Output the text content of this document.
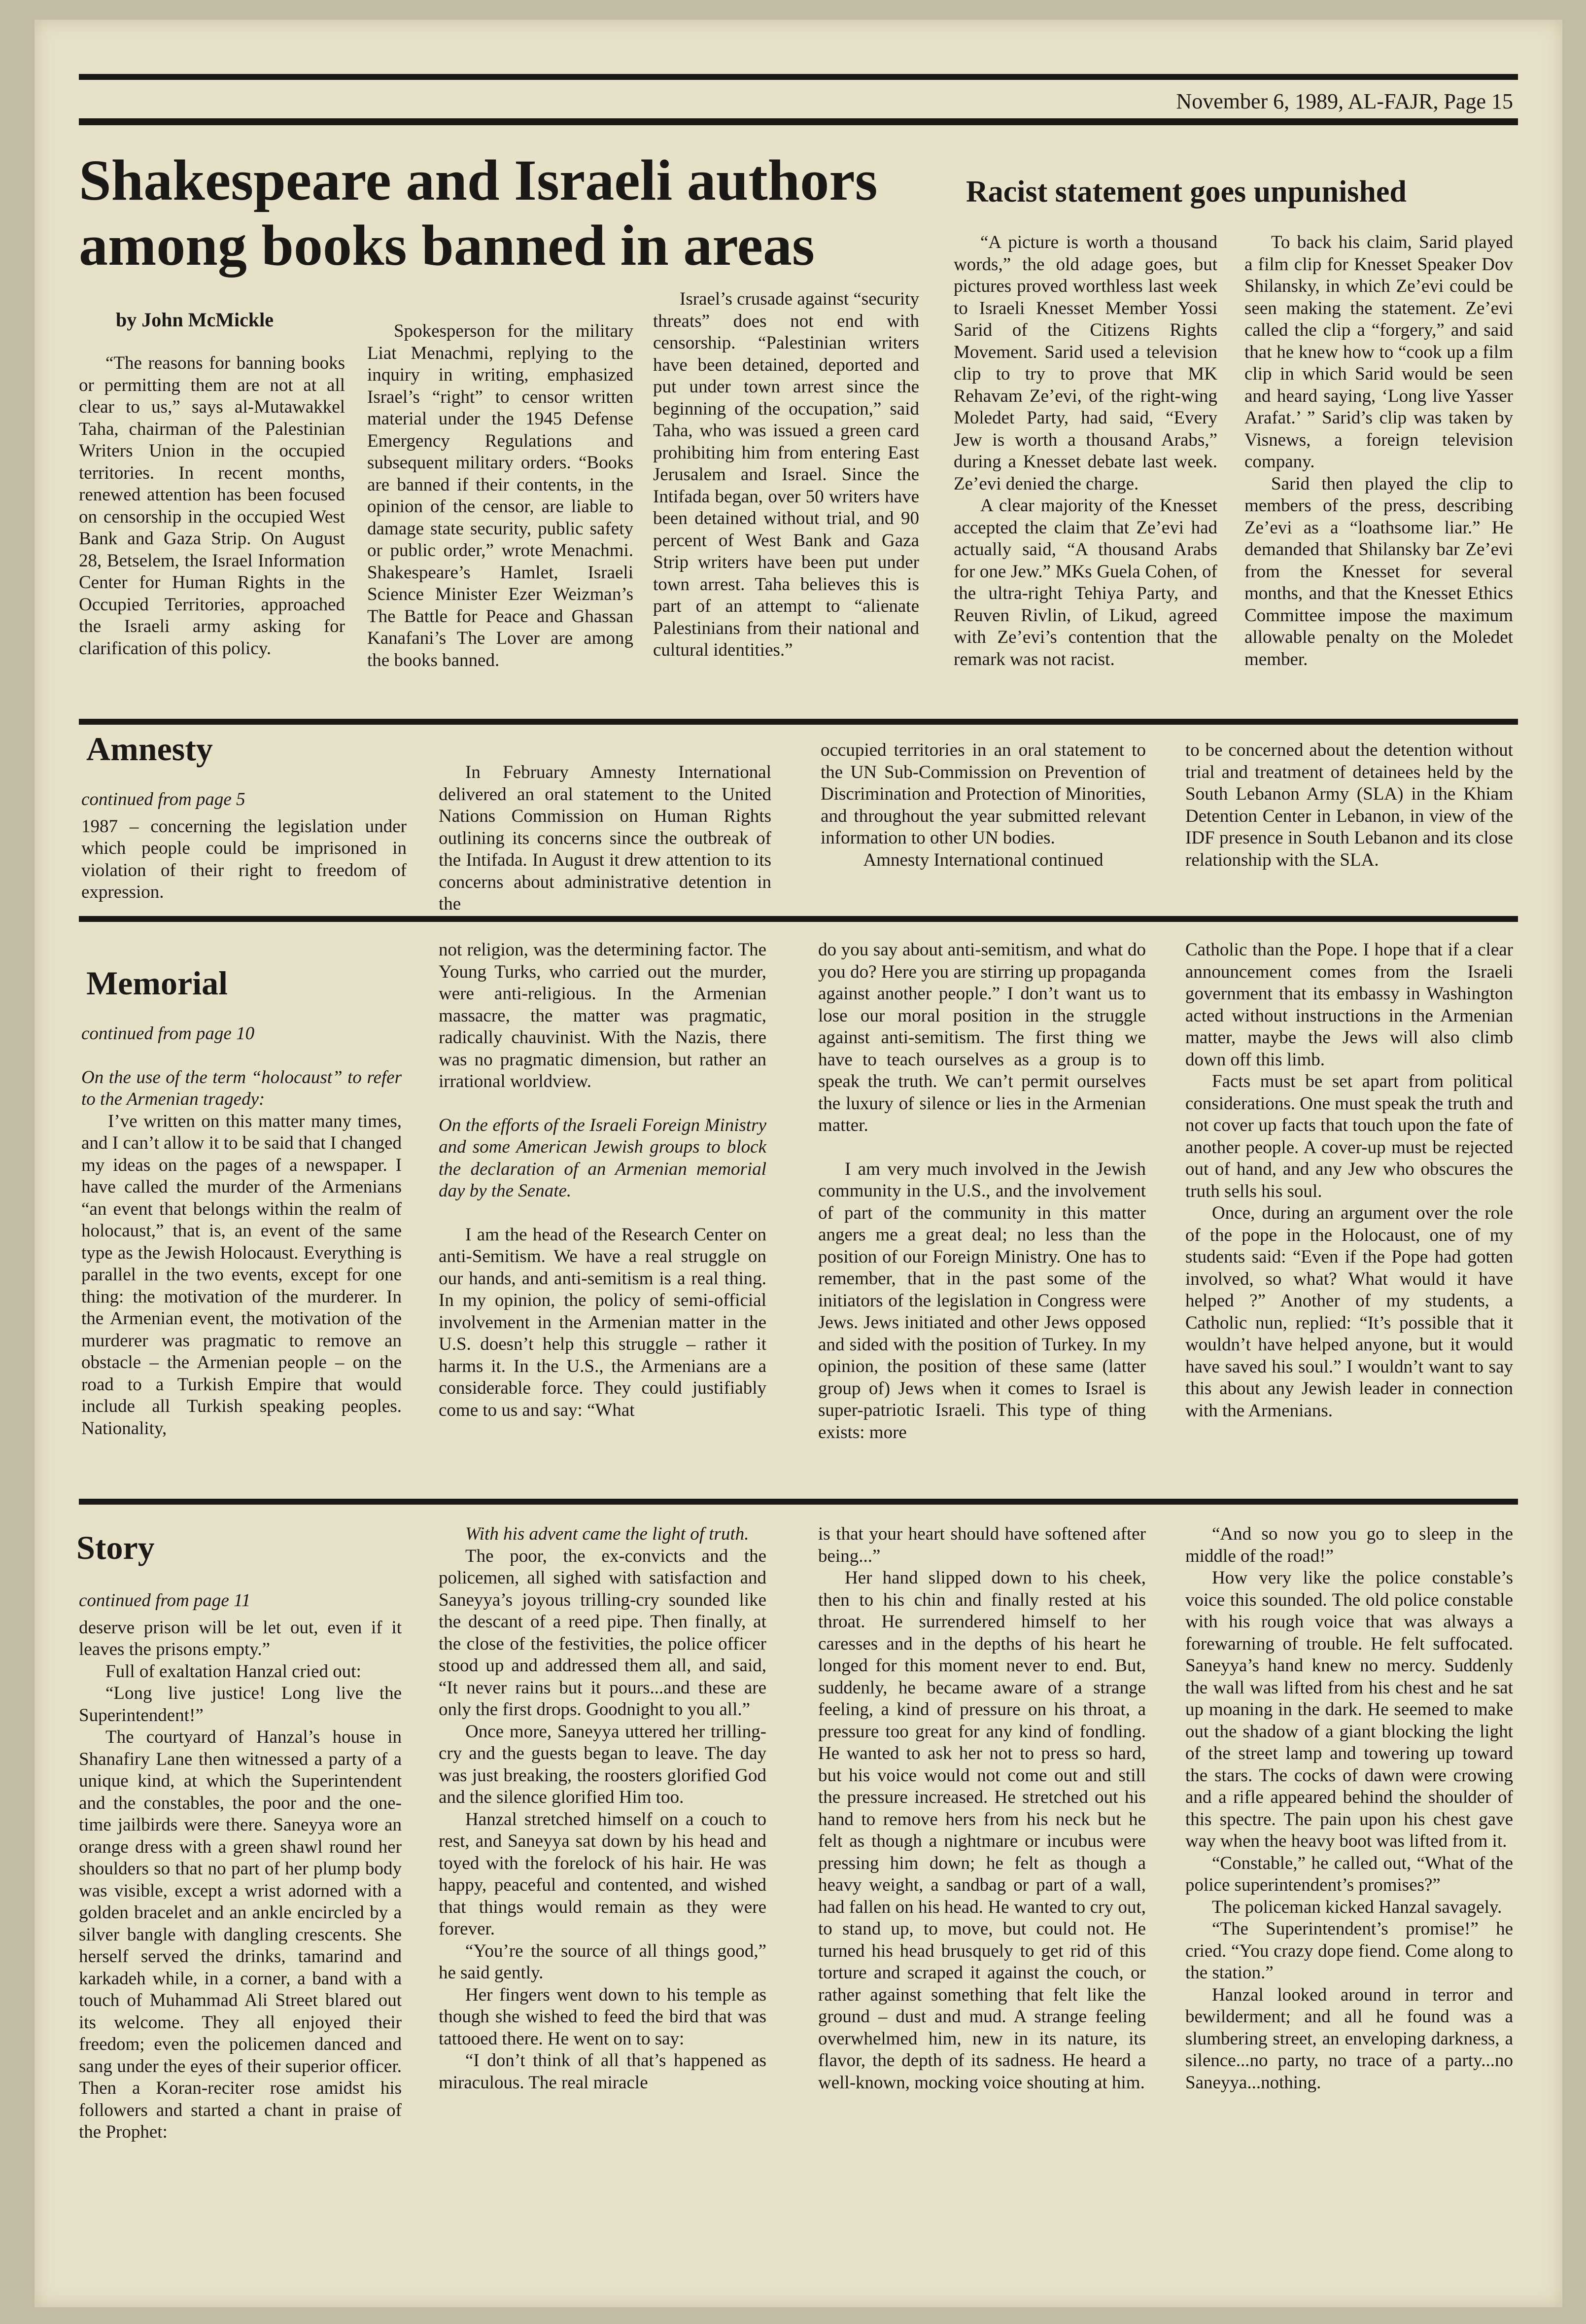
November 6, 1989, AL-FAJR, Page 15
Shakespeare and Israeli authors
among books banned in areas
by John McMickle

“The reasons for banning books or permitting them are not at all clear to us,” says al-Mutawakkel Taha, chairman of the Palestinian Writers Union in the occupied territories. In recent months, renewed attention has been focused on censorship in the occupied West Bank and Gaza Strip. On August 28, Betselem, the Israel Information Center for Human Rights in the Occupied Territories, approached the Israeli army asking for clarification of this policy.

Spokesperson for the military Liat Menachmi, replying to the inquiry in writing, emphasized Israel’s “right” to censor written material under the 1945 Defense Emergency Regulations and subsequent military orders. “Books are banned if their contents, in the opinion of the censor, are liable to damage state security, public safety or public order,” wrote Menachmi. Shakespeare’s Hamlet, Israeli Science Minister Ezer Weizman’s The Battle for Peace and Ghassan Kanafani’s The Lover are among the books banned.

Israel’s crusade against “security threats” does not end with censorship. “Palestinian writers have been detained, deported and put under town arrest since the beginning of the occupation,” said Taha, who was issued a green card prohibiting him from entering East Jerusalem and Israel. Since the Intifada began, over 50 writers have been detained without trial, and 90 percent of West Bank and Gaza Strip writers have been put under town arrest. Taha believes this is part of an attempt to “alienate Palestinians from their national and cultural identities.”

Racist statement goes unpunished

“A picture is worth a thousand words,” the old adage goes, but pictures proved worthless last week to Israeli Knesset Member Yossi Sarid of the Citizens Rights Movement. Sarid used a television clip to try to prove that MK Rehavam Ze’evi, of the right-wing Moledet Party, had said, “Every Jew is worth a thousand Arabs,” during a Knesset debate last week. Ze’evi denied the charge.

A clear majority of the Knesset accepted the claim that Ze’evi had actually said, “A thousand Arabs for one Jew.” MKs Guela Cohen, of the ultra-right Tehiya Party, and Reuven Rivlin, of Likud, agreed with Ze’evi’s contention that the remark was not racist.

To back his claim, Sarid played a film clip for Knesset Speaker Dov Shilansky, in which Ze’evi could be seen making the statement. Ze’evi called the clip a “forgery,” and said that he knew how to “cook up a film clip in which Sarid would be seen and heard saying, ‘Long live Yasser Arafat.’ ” Sarid’s clip was taken by Visnews, a foreign television company.

Sarid then played the clip to members of the press, describing Ze’evi as a “loathsome liar.” He demanded that Shilansky bar Ze’evi from the Knesset for several months, and that the Knesset Ethics Committee impose the maximum allowable penalty on the Moledet member.

Amnesty

continued from page 5

1987 – concerning the legislation under which people could be imprisoned in violation of their right to freedom of expression.

In February Amnesty International delivered an oral statement to the United Nations Commission on Human Rights outlining its concerns since the outbreak of the Intifada. In August it drew attention to its concerns about administrative detention in the

occupied territories in an oral statement to the UN Sub-Commission on Prevention of Discrimination and Protection of Minorities, and throughout the year submitted relevant information to other UN bodies.

Amnesty International continued

to be concerned about the detention without trial and treatment of detainees held by the South Lebanon Army (SLA) in the Khiam Detention Center in Lebanon, in view of the IDF presence in South Lebanon and its close relationship with the SLA.

Memorial

continued from page 10

On the use of the term “holocaust” to refer to the Armenian tragedy:

I’ve written on this matter many times, and I can’t allow it to be said that I changed my ideas on the pages of a newspaper. I have called the murder of the Armenians “an event that belongs within the realm of holocaust,” that is, an event of the same type as the Jewish Holocaust. Everything is parallel in the two events, except for one thing: the motivation of the murderer. In the Armenian event, the motivation of the murderer was pragmatic to remove an obstacle – the Armenian people – on the road to a Turkish Empire that would include all Turkish speaking peoples. Nationality,

not religion, was the determining factor. The Young Turks, who carried out the murder, were anti-religious. In the Armenian massacre, the matter was pragmatic, radically chauvinist. With the Nazis, there was no pragmatic dimension, but rather an irrational worldview.

On the efforts of the Israeli Foreign Ministry and some American Jewish groups to block the declaration of an Armenian memorial day by the Senate.

I am the head of the Research Center on anti-Semitism. We have a real struggle on our hands, and anti-semitism is a real thing. In my opinion, the policy of semi-official involvement in the Armenian matter in the U.S. doesn’t help this struggle – rather it harms it. In the U.S., the Armenians are a considerable force. They could justifiably come to us and say: “What

do you say about anti-semitism, and what do you do? Here you are stirring up propaganda against another people.” I don’t want us to lose our moral position in the struggle against anti-semitism. The first thing we have to teach ourselves as a group is to speak the truth. We can’t permit ourselves the luxury of silence or lies in the Armenian matter.

I am very much involved in the Jewish community in the U.S., and the involvement of part of the community in this matter angers me a great deal; no less than the position of our Foreign Ministry. One has to remember, that in the past some of the initiators of the legislation in Congress were Jews. Jews initiated and other Jews opposed and sided with the position of Turkey. In my opinion, the position of these same (latter group of) Jews when it comes to Israel is super-patriotic Israeli. This type of thing exists: more

Catholic than the Pope. I hope that if a clear announcement comes from the Israeli government that its embassy in Washington acted without instructions in the Armenian matter, maybe the Jews will also climb down off this limb.

Facts must be set apart from political considerations. One must speak the truth and not cover up facts that touch upon the fate of another people. A cover-up must be rejected out of hand, and any Jew who obscures the truth sells his soul.

Once, during an argument over the role of the pope in the Holocaust, one of my students said: “Even if the Pope had gotten involved, so what? What would it have helped ?” Another of my students, a Catholic nun, replied: “It’s possible that it wouldn’t have helped anyone, but it would have saved his soul.” I wouldn’t want to say this about any Jewish leader in connection with the Armenians.

Story

continued from page 11

deserve prison will be let out, even if it leaves the prisons empty.”

Full of exaltation Hanzal cried out:

“Long live justice! Long live the Superintendent!”

The courtyard of Hanzal’s house in Shanafiry Lane then witnessed a party of a unique kind, at which the Superintendent and the constables, the poor and the one-time jailbirds were there. Saneyya wore an orange dress with a green shawl round her shoulders so that no part of her plump body was visible, except a wrist adorned with a golden bracelet and an ankle encircled by a silver bangle with dangling crescents. She herself served the drinks, tamarind and karkadeh while, in a corner, a band with a touch of Muhammad Ali Street blared out its welcome. They all enjoyed their freedom; even the policemen danced and sang under the eyes of their superior officer. Then a Koran-reciter rose amidst his followers and started a chant in praise of the Prophet:

With his advent came the light of truth.

The poor, the ex-convicts and the policemen, all sighed with satisfaction and Saneyya’s joyous trilling-cry sounded like the descant of a reed pipe. Then finally, at the close of the festivities, the police officer stood up and addressed them all, and said, “It never rains but it pours...and these are only the first drops. Goodnight to you all.”

Once more, Saneyya uttered her trilling-cry and the guests began to leave. The day was just breaking, the roosters glorified God and the silence glorified Him too.

Hanzal stretched himself on a couch to rest, and Saneyya sat down by his head and toyed with the forelock of his hair. He was happy, peaceful and contented, and wished that things would remain as they were forever.

“You’re the source of all things good,” he said gently.

Her fingers went down to his temple as though she wished to feed the bird that was tattooed there. He went on to say:

“I don’t think of all that’s happened as miraculous. The real miracle

is that your heart should have softened after being...”

Her hand slipped down to his cheek, then to his chin and finally rested at his throat. He surrendered himself to her caresses and in the depths of his heart he longed for this moment never to end. But, suddenly, he became aware of a strange feeling, a kind of pressure on his throat, a pressure too great for any kind of fondling. He wanted to ask her not to press so hard, but his voice would not come out and still the pressure increased. He stretched out his hand to remove hers from his neck but he felt as though a nightmare or incubus were pressing him down; he felt as though a heavy weight, a sandbag or part of a wall, had fallen on his head. He wanted to cry out, to stand up, to move, but could not. He turned his head brusquely to get rid of this torture and scraped it against the couch, or rather against something that felt like the ground – dust and mud. A strange feeling overwhelmed him, new in its nature, its flavor, the depth of its sadness. He heard a well-known, mocking voice shouting at him.

“And so now you go to sleep in the middle of the road!”

How very like the police constable’s voice this sounded. The old police constable with his rough voice that was always a forewarning of trouble. He felt suffocated. Saneyya’s hand knew no mercy. Suddenly the wall was lifted from his chest and he sat up moaning in the dark. He seemed to make out the shadow of a giant blocking the light of the street lamp and towering up toward the stars. The cocks of dawn were crowing and a rifle appeared behind the shoulder of this spectre. The pain upon his chest gave way when the heavy boot was lifted from it.

“Constable,” he called out, “What of the police superintendent’s promises?”

The policeman kicked Hanzal savagely.

“The Superintendent’s promise!” he cried. “You crazy dope fiend. Come along to the station.”

Hanzal looked around in terror and bewilderment; and all he found was a slumbering street, an enveloping darkness, a silence...no party, no trace of a party...no Saneyya...nothing.
